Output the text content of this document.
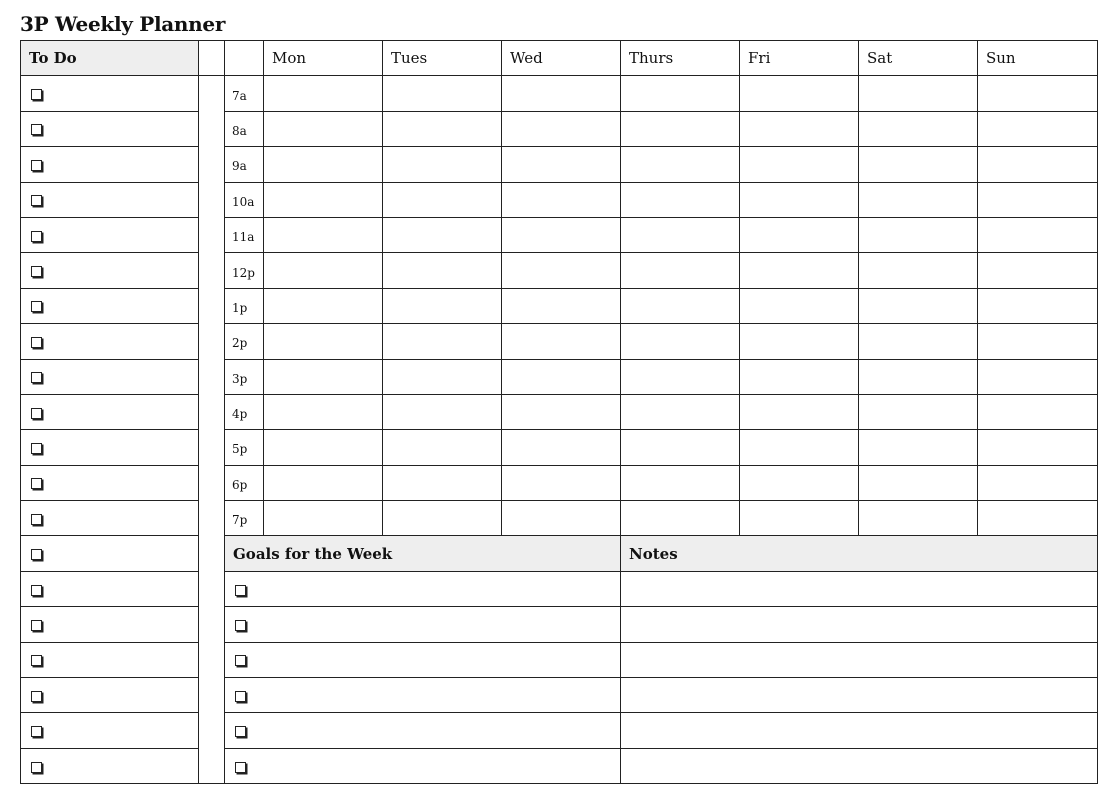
3P Weekly Planner
To Do			Mon	Tues	Wed	Thurs	Fri	Sat	Sun
		7a							
		8a							
		9a							
		10a							
		11a							
		12p							
		1p							
		2p							
		3p							
		4p							
		5p							
		6p							
		7p							
		Goals for the Week				Notes			
